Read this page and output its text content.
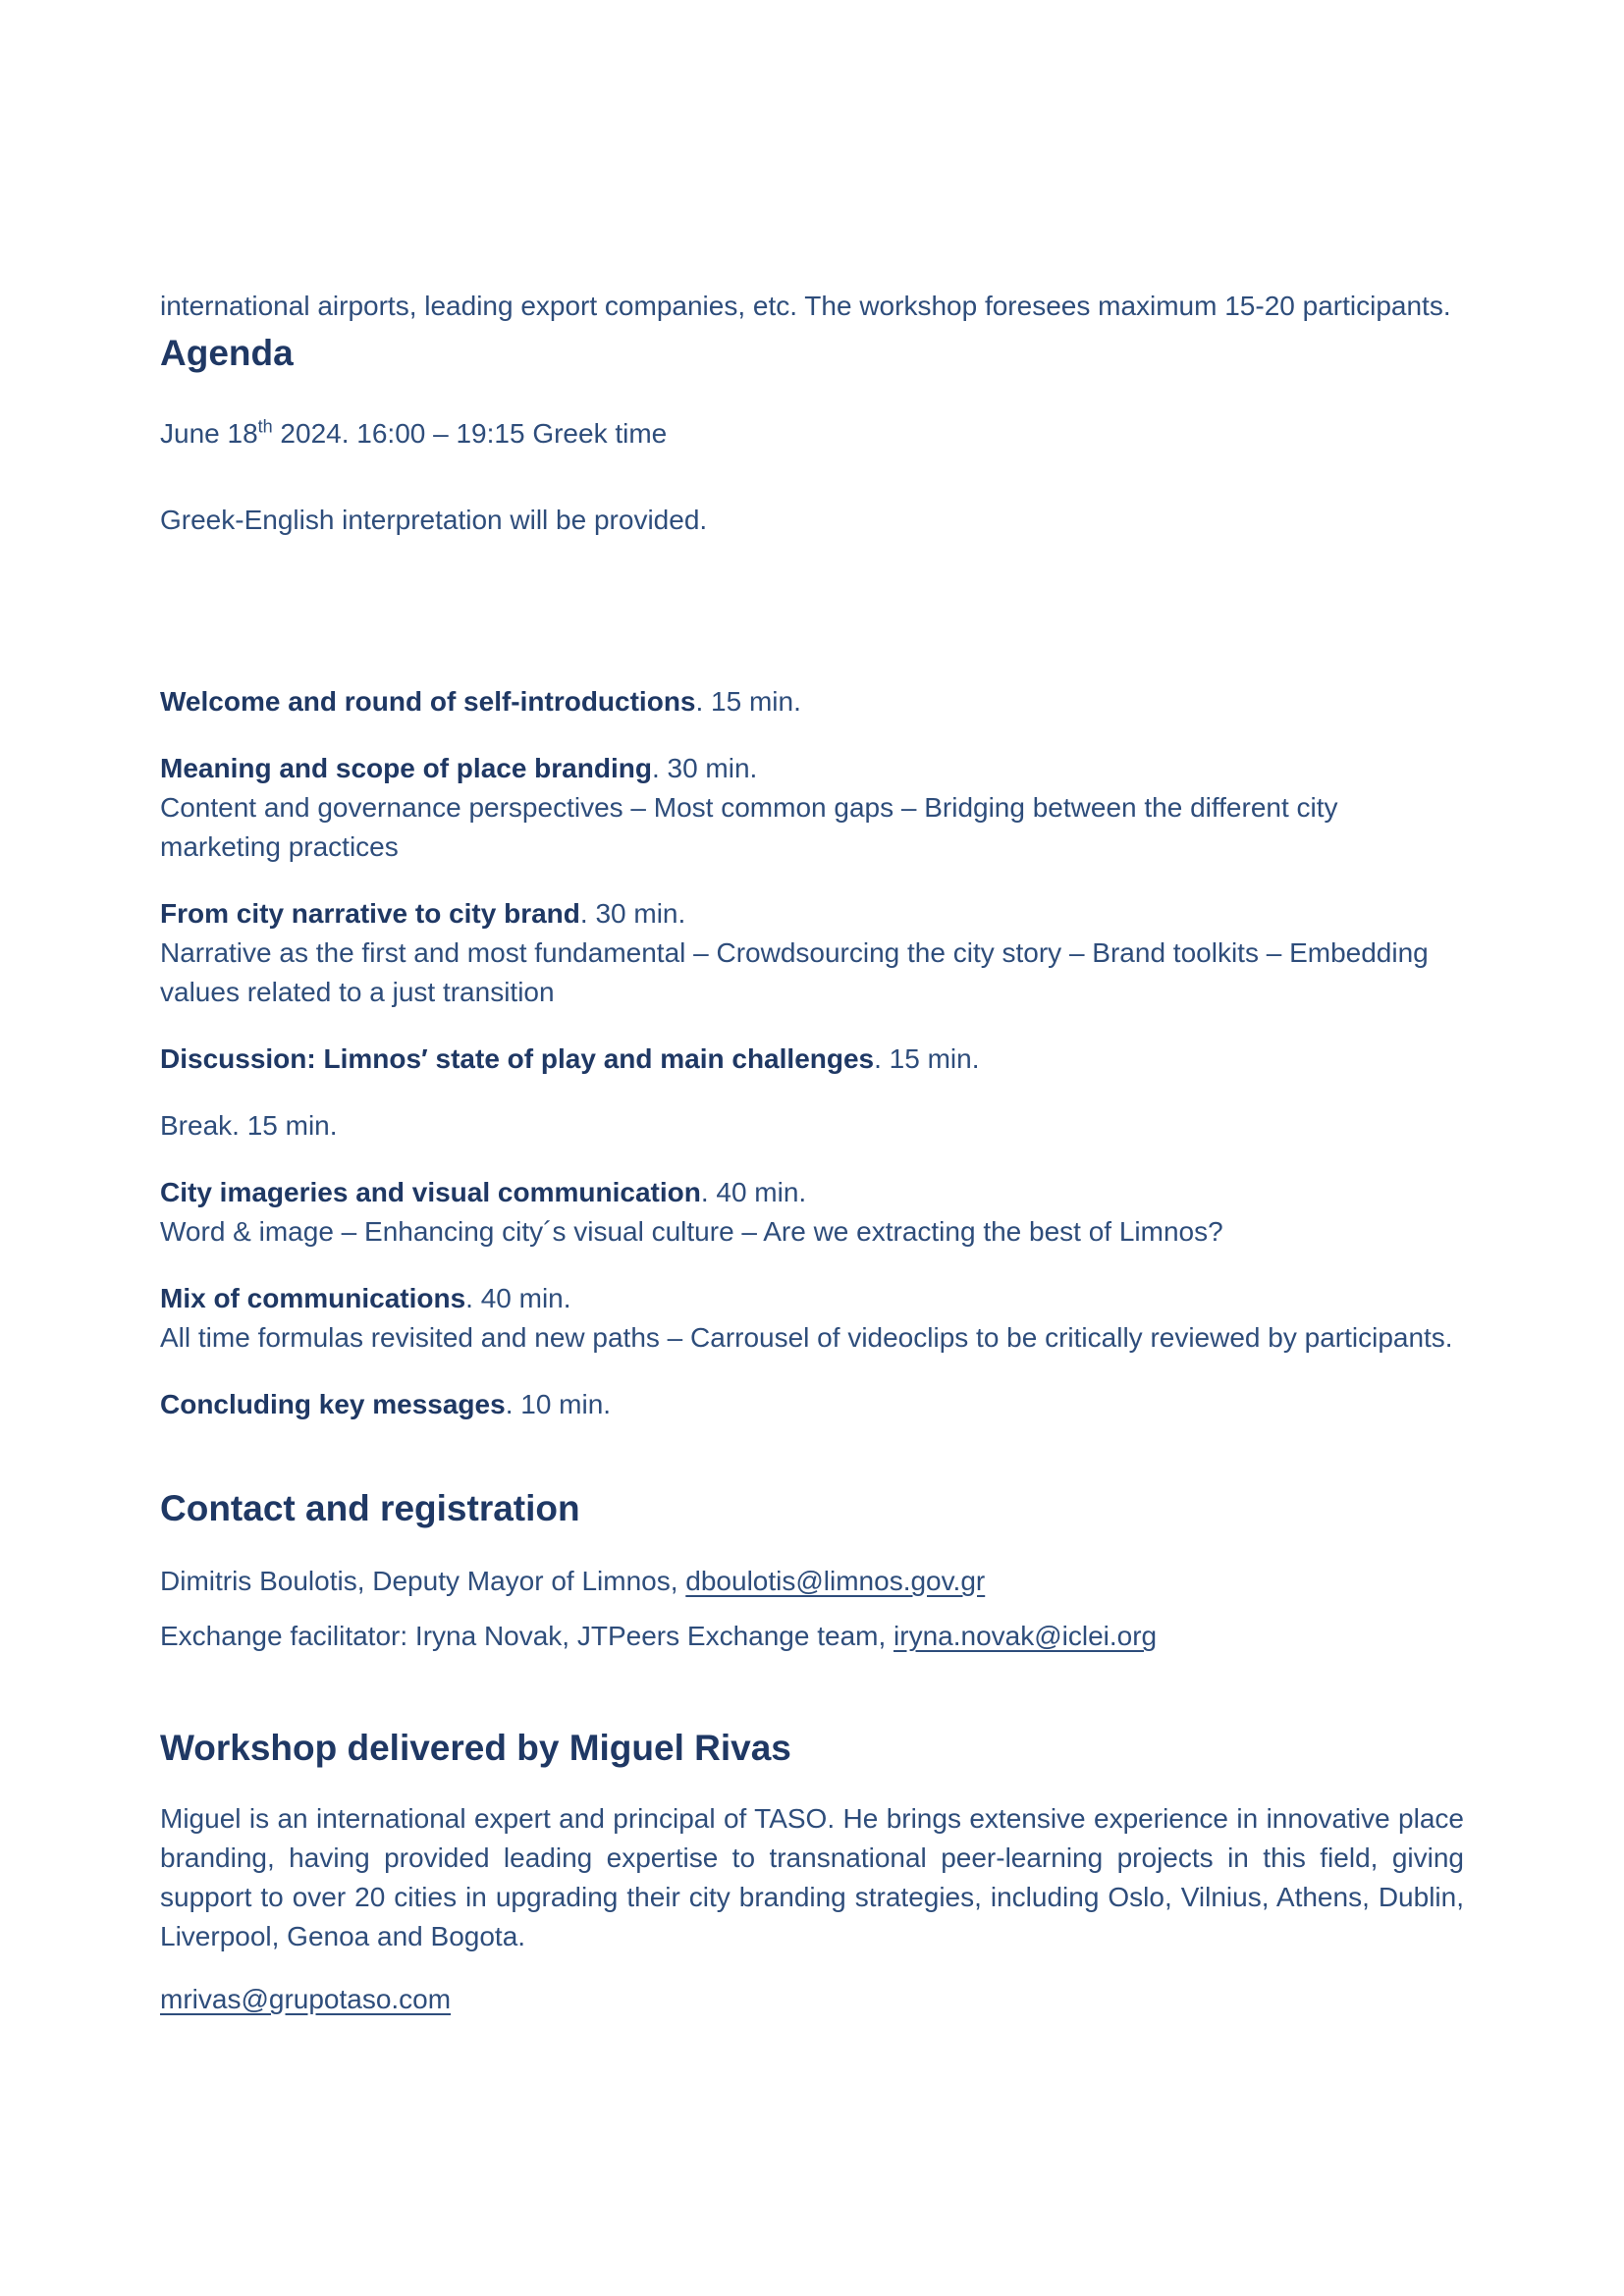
international airports, leading export companies, etc. The workshop foresees maximum 15-20 participants.

Agenda

June 18th 2024. 16:00 – 19:15 Greek time

Greek-English interpretation will be provided.

Welcome and round of self-introductions. 15 min.

Meaning and scope of place branding. 30 min.

Content and governance perspectives – Most common gaps – Bridging between the different city marketing practices

From city narrative to city brand. 30 min.

Narrative as the first and most fundamental – Crowdsourcing the city story – Brand toolkits – Embedding values related to a just transition

Discussion: Limnos′ state of play and main challenges. 15 min.

Break. 15 min.

City imageries and visual communication. 40 min.

Word & image – Enhancing city´s visual culture – Are we extracting the best of Limnos?

Mix of communications. 40 min.

All time formulas revisited and new paths – Carrousel of videoclips to be critically reviewed by participants.

Concluding key messages. 10 min.

Contact and registration

Dimitris Boulotis, Deputy Mayor of Limnos, dboulotis@limnos.gov.gr

Exchange facilitator: Iryna Novak, JTPeers Exchange team, iryna.novak@iclei.org

Workshop delivered by Miguel Rivas

Miguel is an international expert and principal of TASO. He brings extensive experience in innovative place branding, having provided leading expertise to transnational peer-learning projects in this field, giving support to over 20 cities in upgrading their city branding strategies, including Oslo, Vilnius, Athens, Dublin, Liverpool, Genoa and Bogota.

mrivas@grupotaso.com
